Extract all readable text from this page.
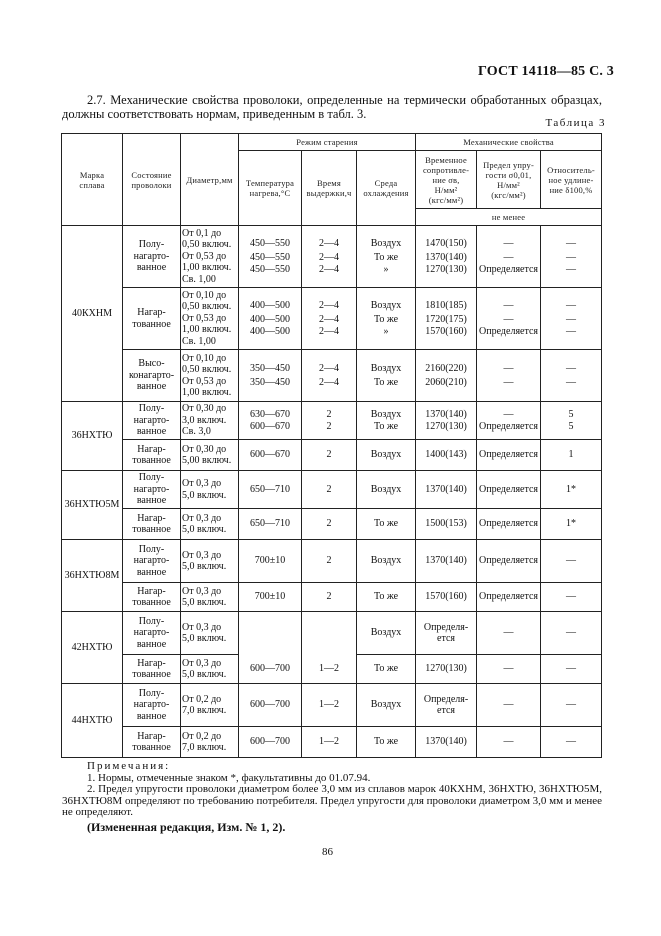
ГОСТ 14118—85 С. 3

2.7. Механические свойства проволоки, определенные на термически обработанных образцах, должны соответствовать нормам, приведенным в табл. 3.

Таблица 3
Марка
сплава	Состояние
проволоки	Диаметр,мм	Режим старения			Механические свойства		

			Температура
нагрева,°С	Время
выдержки,ч	Среда
охлаждения	Временное
сопротивле-
ние σв,
Н/мм²
(кгс/мм²)	Предел упру-
гости σ0,01,
Н/мм²
(кгс/мм²)	Относитель-
ное удлине-
ние δ100,%

						не менее		

40КХНМ	Полу-
нагарто-
ванное	От 0,1 до
0,50 включ.
От 0,53 до
1,00 включ.
Св. 1,00	450—550
450—550
450—550	2—4
2—4
2—4	Воздух
То же
»	1470(150)
1370(140)
1270(130)	—
—
Определяется	—
—
—

	Нагар-
тованное	От 0,10 до
0,50 включ.
От 0,53 до
1,00 включ.
Св. 1,00	400—500
400—500
400—500	2—4
2—4
2—4	Воздух
То же
»	1810(185)
1720(175)
1570(160)	—
—
Определяется	—
—
—

	Высо-
конагарто-
ванное	От 0,10 до
0,50 включ.
От 0,53 до
1,00 включ.	350—450
350—450	2—4
2—4	Воздух
То же	2160(220)
2060(210)	—
—	—
—

36НХТЮ	Полу-
нагарто-
ванное	От 0,30 до
3,0 включ.
Св. 3,0	630—670
600—670	2
2	Воздух
То же	1370(140)
1270(130)	—
Определяется	5
5

	Нагар-
тованное	От 0,30 до
5,00 включ.	600—670	2	Воздух	1400(143)	Определяется	1

36НХТЮ5М	Полу-
нагарто-
ванное	От 0,3 до
5,0 включ.	650—710	2	Воздух	1370(140)	Определяется	1*

	Нагар-
тованное	От 0,3 до
5,0 включ.	650—710	2	То же	1500(153)	Определяется	1*

36НХТЮ8М	Полу-
нагарто-
ванное	От 0,3 до
5,0 включ.	700±10	2	Воздух	1370(140)	Определяется	—

	Нагар-
тованное	От 0,3 до
5,0 включ.	700±10	2	То же	1570(160)	Определяется	—

42НХТЮ	Полу-
нагарто-
ванное	От 0,3 до
5,0 включ.			Воздух	Определя-
ется	—	—

	Нагар-
тованное	От 0,3 до
5,0 включ.	600—700	1—2	То же	1270(130)	—	—

44НХТЮ	Полу-
нагарто-
ванное	От 0,2 до
7,0 включ.	600—700	1—2	Воздух	Определя-
ется	—	—

	Нагар-
тованное	От 0,2 до
7,0 включ.	600—700	1—2	То же	1370(140)	—	—
Примечания:

1. Нормы, отмеченные знаком *, факультативны до 01.07.94.

2. Предел упругости проволоки диаметром более 3,0 мм из сплавов марок 40КХНМ, 36НХТЮ, 36НХТЮ5М, 36НХТЮ8М определяют по требованию потребителя. Предел упругости для проволоки диаметром 3,0 мм и менее не определяют.

(Измененная редакция, Изм. № 1, 2).
86
